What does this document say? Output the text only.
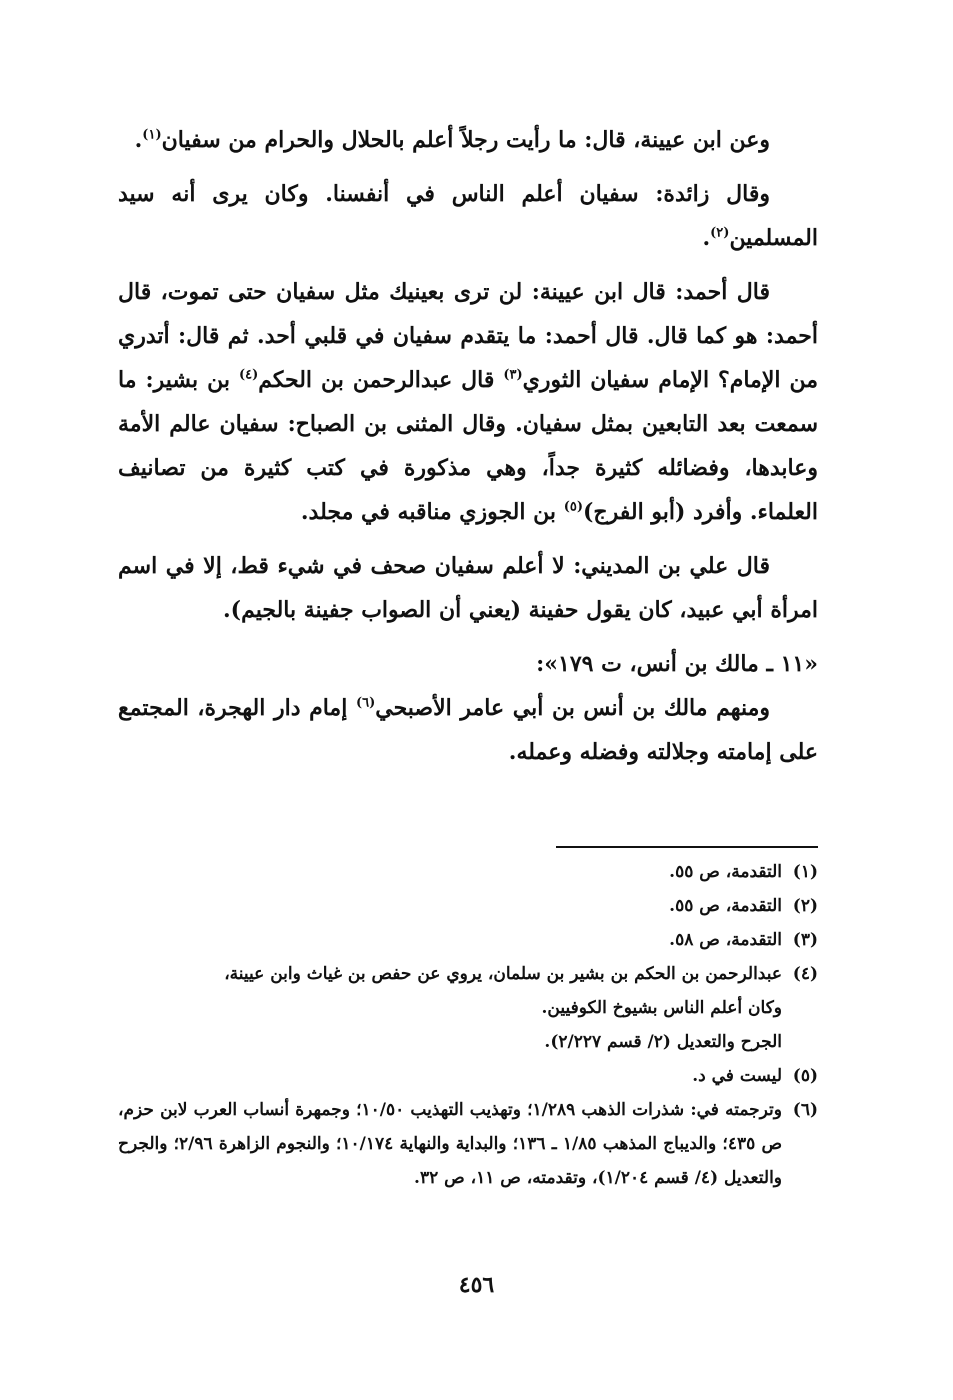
وعن ابن عيينة، قال: ما رأيت رجلاً أعلم بالحلال والحرام من سفيان$^{(١)}$.

وقال زائدة: سفيان أعلم الناس في أنفسنا. وكان يرى أنه سيد المسلمين$^{(٢)}$.

قال أحمد: قال ابن عيينة: لن ترى بعينيك مثل سفيان حتى تموت، قال أحمد: هو كما قال. قال أحمد: ما يتقدم سفيان في قلبي أحد. ثم قال: أتدري من الإمام؟ الإمام سفيان الثوري$^{(٣)}$ قال عبدالرحمن بن الحكم$^{(٤)}$ بن بشير: ما سمعت بعد التابعين بمثل سفيان. وقال المثنى بن الصباح: سفيان عالم الأمة وعابدها، وفضائله كثيرة جداً، وهي مذكورة في كتب كثيرة من تصانيف العلماء. وأفرد (أبو الفرج)$^{(٥)}$ بن الجوزي مناقبه في مجلد.

قال علي بن المديني: لا أعلم سفيان صحف في شيء قط، إلا في اسم امرأة أبي عبيد، كان يقول حفينة (يعني أن الصواب جفينة بالجيم).

«١١ ـ مالك بن أنس، ت ١٧٩»:

ومنهم مالك بن أنس بن أبي عامر الأصبحي$^{(٦)}$ إمام دار الهجرة، المجتمع على إمامته وجلالته وفضله وعمله.

(١)
التقدمة، ص ٥٥.
(٢)
التقدمة، ص ٥٥.
(٣)
التقدمة، ص ٥٨.
(٤)
عبدالرحمن بن الحكم بن بشير بن سلمان، يروي عن حفص بن غياث وابن عيينة،
وكان أعلم الناس بشيوخ الكوفيين.
الجرح والتعديل (٢/ قسم ٢/٢٢٧).
(٥)
ليست في د.
(٦)
وترجمته في: شذرات الذهب ١/٢٨٩؛ وتهذيب التهذيب ١٠/٥٠؛ وجمهرة أنساب العرب لابن حزم، ص ٤٣٥؛ والديباج المذهب ١/٨٥ ـ ١٣٦؛ والبداية والنهاية ١٠/١٧٤؛ والنجوم الزاهرة ٢/٩٦؛ والجرح والتعديل (٤/ قسم ١/٢٠٤)، وتقدمته، ص ١١، ص ٣٢.
٤٥٦
